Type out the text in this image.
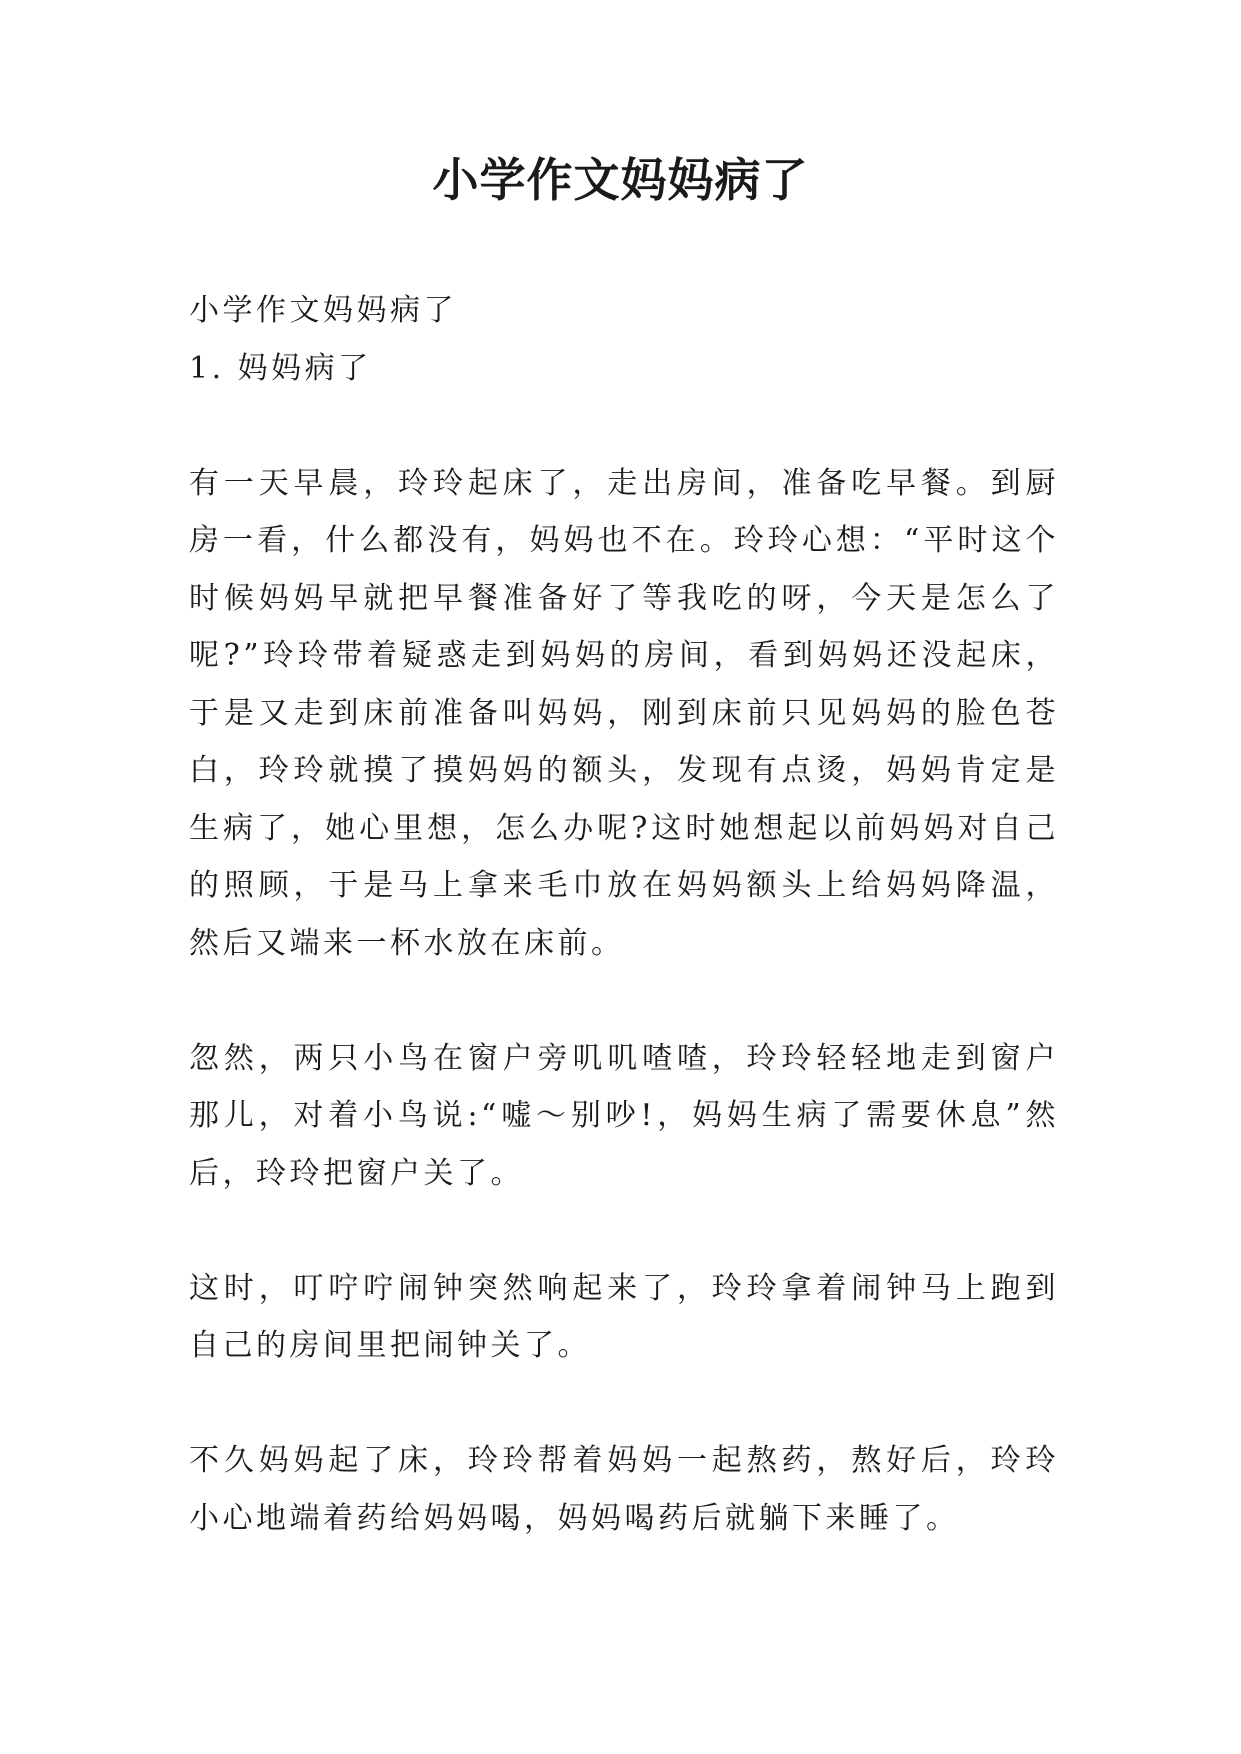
小学作文妈妈病了

小学作文妈妈病了

1. 妈妈病了

有一天早晨，玲玲起床了，走出房间，准备吃早餐。到厨房一看，什么都没有，妈妈也不在。玲玲心想：“平时这个时候妈妈早就把早餐准备好了等我吃的呀，今天是怎么了呢?”玲玲带着疑惑走到妈妈的房间，看到妈妈还没起床，于是又走到床前准备叫妈妈，刚到床前只见妈妈的脸色苍白，玲玲就摸了摸妈妈的额头，发现有点烫，妈妈肯定是生病了，她心里想，怎么办呢?这时她想起以前妈妈对自己的照顾，于是马上拿来毛巾放在妈妈额头上给妈妈降温，然后又端来一杯水放在床前。

忽然，两只小鸟在窗户旁叽叽喳喳，玲玲轻轻地走到窗户那儿，对着小鸟说:“嘘～别吵!，妈妈生病了需要休息”然后，玲玲把窗户关了。

这时，叮咛咛闹钟突然响起来了，玲玲拿着闹钟马上跑到自己的房间里把闹钟关了。

不久妈妈起了床，玲玲帮着妈妈一起熬药，熬好后，玲玲小心地端着药给妈妈喝，妈妈喝药后就躺下来睡了。
